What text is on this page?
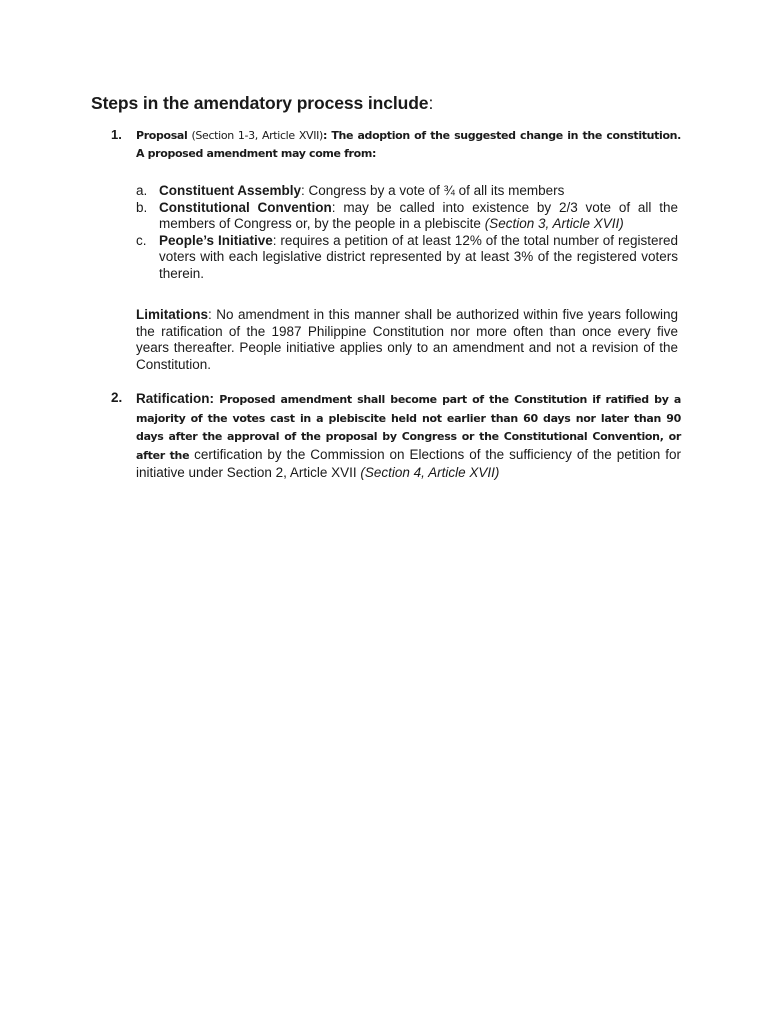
Steps in the amendatory process include:
1. Proposal (Section 1-3, Article XVII): The adoption of the suggested change in the constitution. A proposed amendment may come from:
a. Constituent Assembly: Congress by a vote of ¾ of all its members
b. Constitutional Convention: may be called into existence by 2/3 vote of all the members of Congress or, by the people in a plebiscite (Section 3, Article XVII)
c. People’s Initiative: requires a petition of at least 12% of the total number of registered voters with each legislative district represented by at least 3% of the registered voters therein.
Limitations: No amendment in this manner shall be authorized within five years following the ratification of the 1987 Philippine Constitution nor more often than once every five years thereafter. People initiative applies only to an amendment and not a revision of the Constitution.
2. Ratification: Proposed amendment shall become part of the Constitution if ratified by a majority of the votes cast in a plebiscite held not earlier than 60 days nor later than 90 days after the approval of the proposal by Congress or the Constitutional Convention, or after the certification by the Commission on Elections of the sufficiency of the petition for initiative under Section 2, Article XVII (Section 4, Article XVII)
